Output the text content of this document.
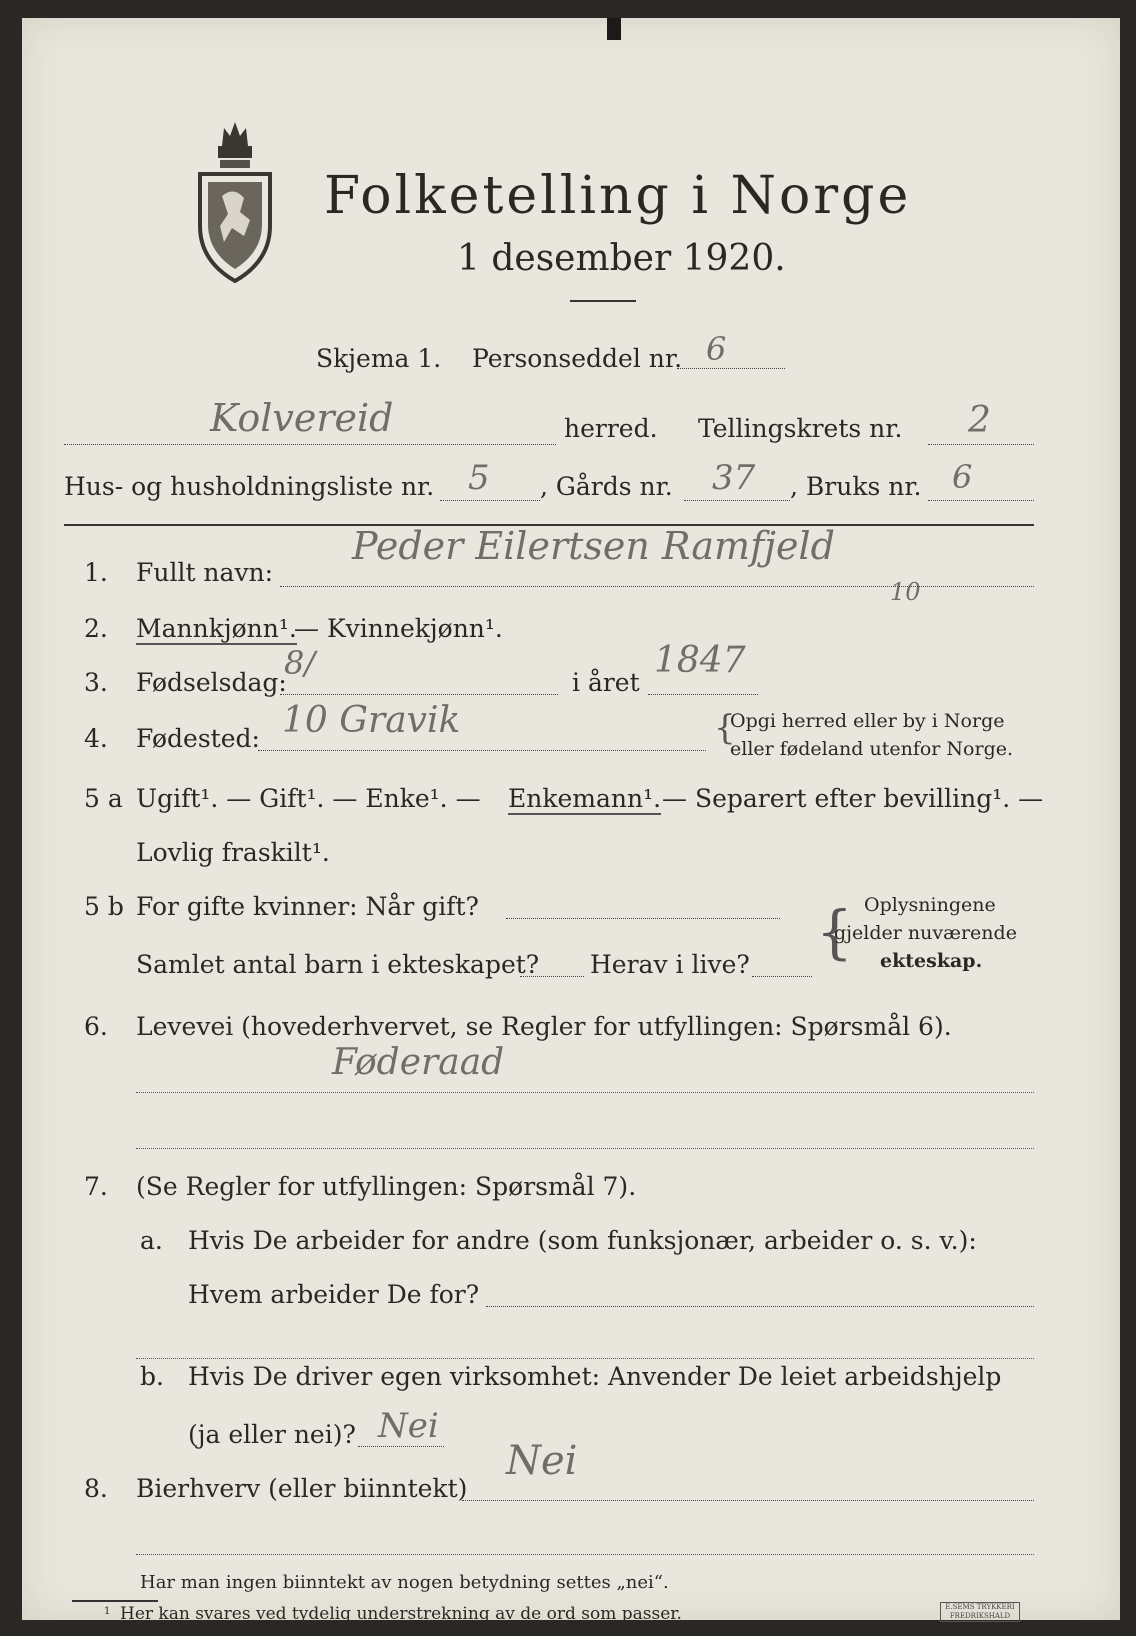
Folketelling i Norge
1 desember 1920.
Skjema 1. Personseddel nr. 6
Kolvereid	herred. Tellingskrets nr. 2
Hus- og husholdningsliste nr. 5 , Gårds nr. 37 , Bruks nr. 6
1. Fullt navn:
Peder Eilertsen Ramfjeld
10
2. Mannkjønn¹.
— Kvinnekjønn¹.
3. Fødselsdag:
8/
i året
1847
4. Fødested: 10 Gravik	{
Opgi herred eller by i Norge
eller fødeland utenfor Norge.
5 a Ugift¹. — Gift¹. — Enke¹. — Enkemann¹. — Separert efter bevilling¹. —
Lovlig fraskilt¹.
5 b For gifte kvinner: Når gift?
Samlet antal barn i ekteskapet? Herav i live? { Oplysningene
gjelder nuværende
ekteskap.
6. Levevei (hovederhvervet, se Regler for utfyllingen: Spørsmål 6).
Føderaad
7. (Se Regler for utfyllingen: Spørsmål 7).
a. Hvis De arbeider for andre (som funksjonær, arbeider o. s. v.):
Hvem arbeider De for?
b. Hvis De driver egen virksomhet: Anvender De leiet arbeidshjelp
(ja eller nei)? Nei
8. Bierhverv (eller biinntekt)
Nei
Har man ingen biinntekt av nogen betydning settes „nei“.
1 Her kan svares ved tydelig understrekning av de ord som passer.	E.SEMS TRYKKERI FREDRIKSHALD
